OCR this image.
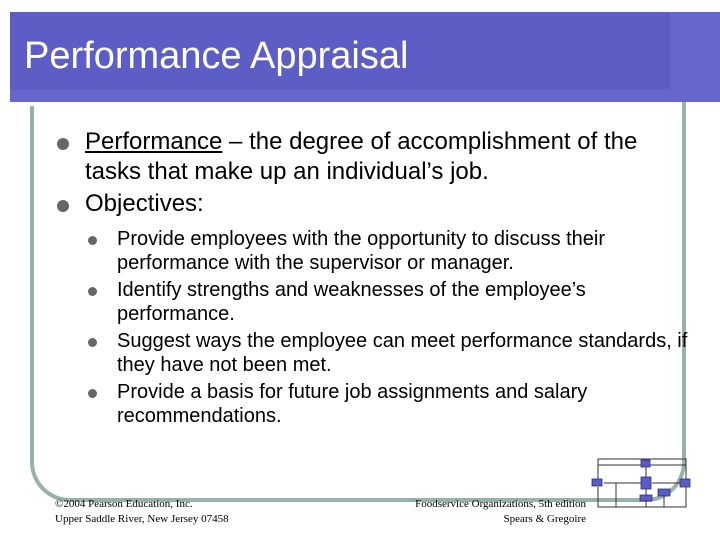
Performance Appraisal
Performance – the degree of accomplishment of the tasks that make up an individual’s job.
Objectives:
Provide employees with the opportunity to discuss their performance with the supervisor or manager.
Identify strengths and weaknesses of the employee’s performance.
Suggest ways the employee can meet performance standards, if they have not been met.
Provide a basis for future job assignments and salary recommendations.
©2004 Pearson Education, Inc.
Upper Saddle River, New Jersey 07458
Foodservice Organizations, 5th edition
Spears & Gregoire
